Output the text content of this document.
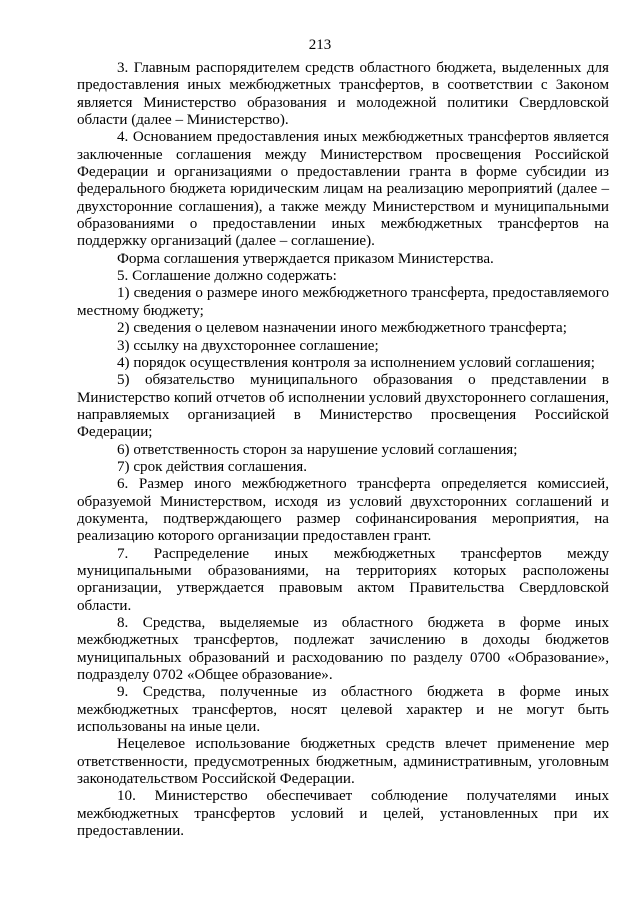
213

3. Главным распорядителем средств областного бюджета, выделенных для предоставления иных межбюджетных трансфертов, в соответствии с Законом является Министерство образования и молодежной политики Свердловской области (далее – Министерство).

4. Основанием предоставления иных межбюджетных трансфертов является заключенные соглашения между Министерством просвещения Российской Федерации и организациями о предоставлении гранта в форме субсидии из федерального бюджета юридическим лицам на реализацию мероприятий (далее – двухсторонние соглашения), а также между Министерством и муниципальными образованиями о предоставлении иных межбюджетных трансфертов на поддержку организаций (далее – соглашение).

Форма соглашения утверждается приказом Министерства.

5. Соглашение должно содержать:

1) сведения о размере иного межбюджетного трансферта, предоставляемого местному бюджету;

2) сведения о целевом назначении иного межбюджетного трансферта;

3) ссылку на двухстороннее соглашение;

4) порядок осуществления контроля за исполнением условий соглашения;

5) обязательство муниципального образования о представлении в Министерство копий отчетов об исполнении условий двухстороннего соглашения, направляемых организацией в Министерство просвещения Российской Федерации;

6) ответственность сторон за нарушение условий соглашения;

7) срок действия соглашения.

6. Размер иного межбюджетного трансферта определяется комиссией, образуемой Министерством, исходя из условий двухсторонних соглашений и документа, подтверждающего размер софинансирования мероприятия, на реализацию которого организации предоставлен грант.

7. Распределение иных межбюджетных трансфертов между муниципальными образованиями, на территориях которых расположены организации, утверждается правовым актом Правительства Свердловской области.

8. Средства, выделяемые из областного бюджета в форме иных межбюджетных трансфертов, подлежат зачислению в доходы бюджетов муниципальных образований и расходованию по разделу 0700 «Образование», подразделу 0702 «Общее образование».

9. Средства, полученные из областного бюджета в форме иных межбюджетных трансфертов, носят целевой характер и не могут быть использованы на иные цели.

Нецелевое использование бюджетных средств влечет применение мер ответственности, предусмотренных бюджетным, административным, уголовным законодательством Российской Федерации.

10. Министерство обеспечивает соблюдение получателями иных межбюджетных трансфертов условий и целей, установленных при их предоставлении.
